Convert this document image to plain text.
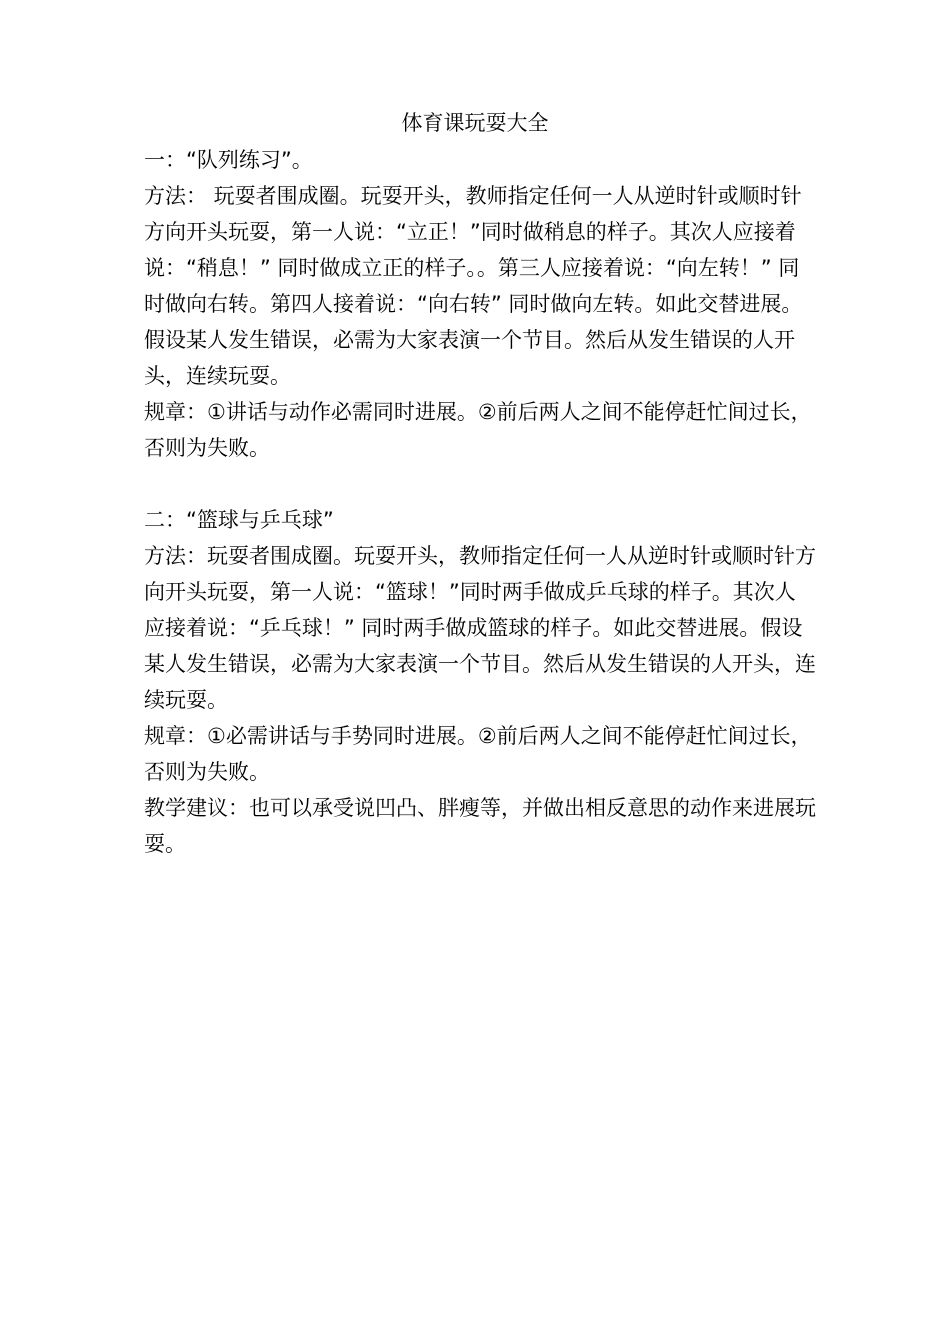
体育课玩耍大全

一：“队列练习”。

方法： 玩耍者围成圈。玩耍开头，教师指定任何一人从逆时针或顺时针方向开头玩耍，第一人说：“立正！”同时做稍息的样子。其次人应接着说：“稍息！” 同时做成立正的样子。。第三人应接着说：“向左转！” 同时做向右转。第四人接着说：“向右转” 同时做向左转。如此交替进展。假设某人发生错误，必需为大家表演一个节目。然后从发生错误的人开头，连续玩耍。

规章：①讲话与动作必需同时进展。②前后两人之间不能停赶忙间过长，否则为失败。

二：“篮球与乒乓球”

方法：玩耍者围成圈。玩耍开头，教师指定任何一人从逆时针或顺时针方向开头玩耍，第一人说：“篮球！”同时两手做成乒乓球的样子。其次人应接着说：“乒乓球！” 同时两手做成篮球的样子。如此交替进展。假设某人发生错误，必需为大家表演一个节目。然后从发生错误的人开头，连续玩耍。

规章：①必需讲话与手势同时进展。②前后两人之间不能停赶忙间过长，否则为失败。

教学建议：也可以承受说凹凸、胖瘦等，并做出相反意思的动作来进展玩耍。
